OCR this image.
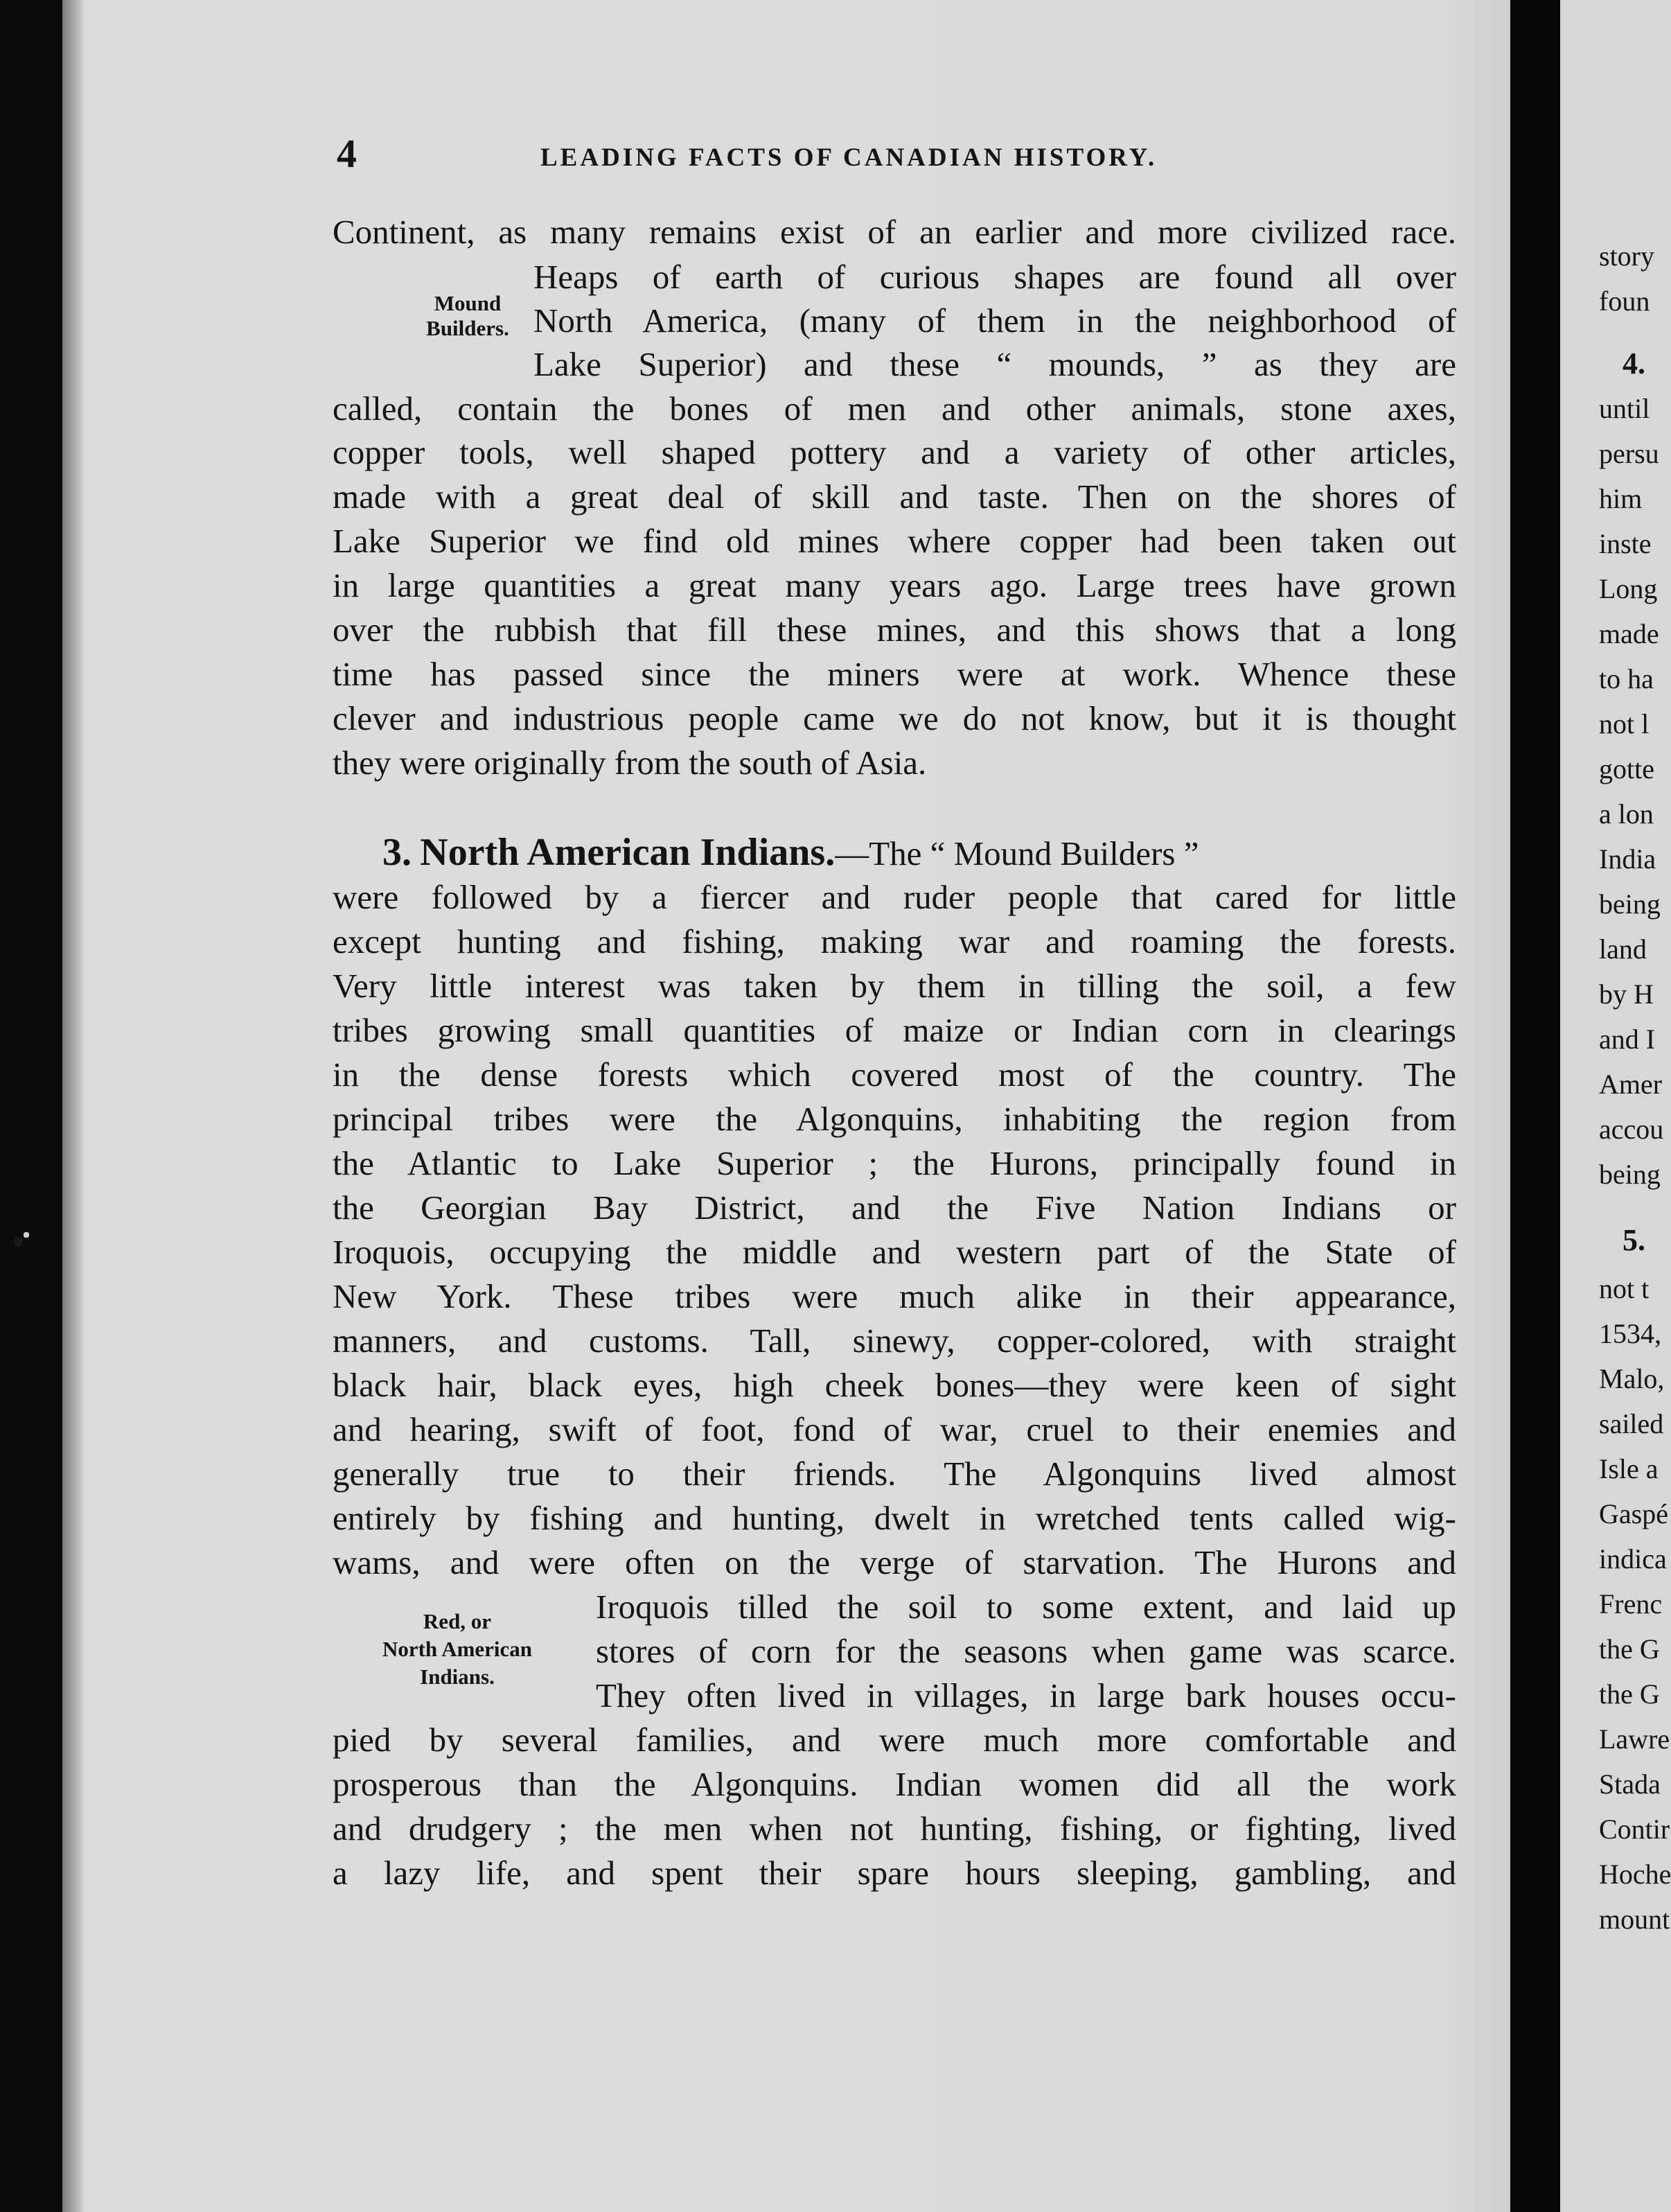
4	LEADING FACTS OF CANADIAN HISTORY.
Mound
Builders.
Red, or
North American
Indians.
Continent, as many remains exist of an earlier and more civilized race.
Heaps of earth of curious shapes are found all over
North America, (many of them in the neighborhood of
Lake Superior) and these “ mounds, ” as they are
called, contain the bones of men and other animals, stone axes,
copper tools, well shaped pottery and a variety of other articles,
made with a great deal of skill and taste. Then on the shores of
Lake Superior we find old mines where copper had been taken out
in large quantities a great many years ago. Large trees have grown
over the rubbish that fill these mines, and this shows that a long
time has passed since the miners were at work. Whence these
clever and industrious people came we do not know, but it is thought
they were originally from the south of Asia.
3. North American Indians.—The “ Mound Builders ”
were followed by a fiercer and ruder people that cared for little
except hunting and fishing, making war and roaming the forests.
Very little interest was taken by them in tilling the soil, a few
tribes growing small quantities of maize or Indian corn in clearings
in the dense forests which covered most of the country. The
principal tribes were the Algonquins, inhabiting the region from
the Atlantic to Lake Superior ; the Hurons, principally found in
the Georgian Bay District, and the Five Nation Indians or
Iroquois, occupying the middle and western part of the State of
New York. These tribes were much alike in their appearance,
manners, and customs. Tall, sinewy, copper-colored, with straight
black hair, black eyes, high cheek bones—they were keen of sight
and hearing, swift of foot, fond of war, cruel to their enemies and
generally true to their friends. The Algonquins lived almost
entirely by fishing and hunting, dwelt in wretched tents called wig-
wams, and were often on the verge of starvation. The Hurons and
Iroquois tilled the soil to some extent, and laid up
stores of corn for the seasons when game was scarce.
They often lived in villages, in large bark houses occu-
pied by several families, and were much more comfortable and
prosperous than the Algonquins. Indian women did all the work
and drudgery ; the men when not hunting, fishing, or fighting, lived
a lazy life, and spent their spare hours sleeping, gambling, and
story
foun
4.
until
persu
him
inste
Long
made
to ha
not l
gotte
a lon
India
being
land
by H
and I
Amer
accou
being
5.
not t
1534,
Malo,
sailed
Isle a
Gaspé
indica
Frenc
the G
the G
Lawre
Stada
Contir
Hoche
mount
